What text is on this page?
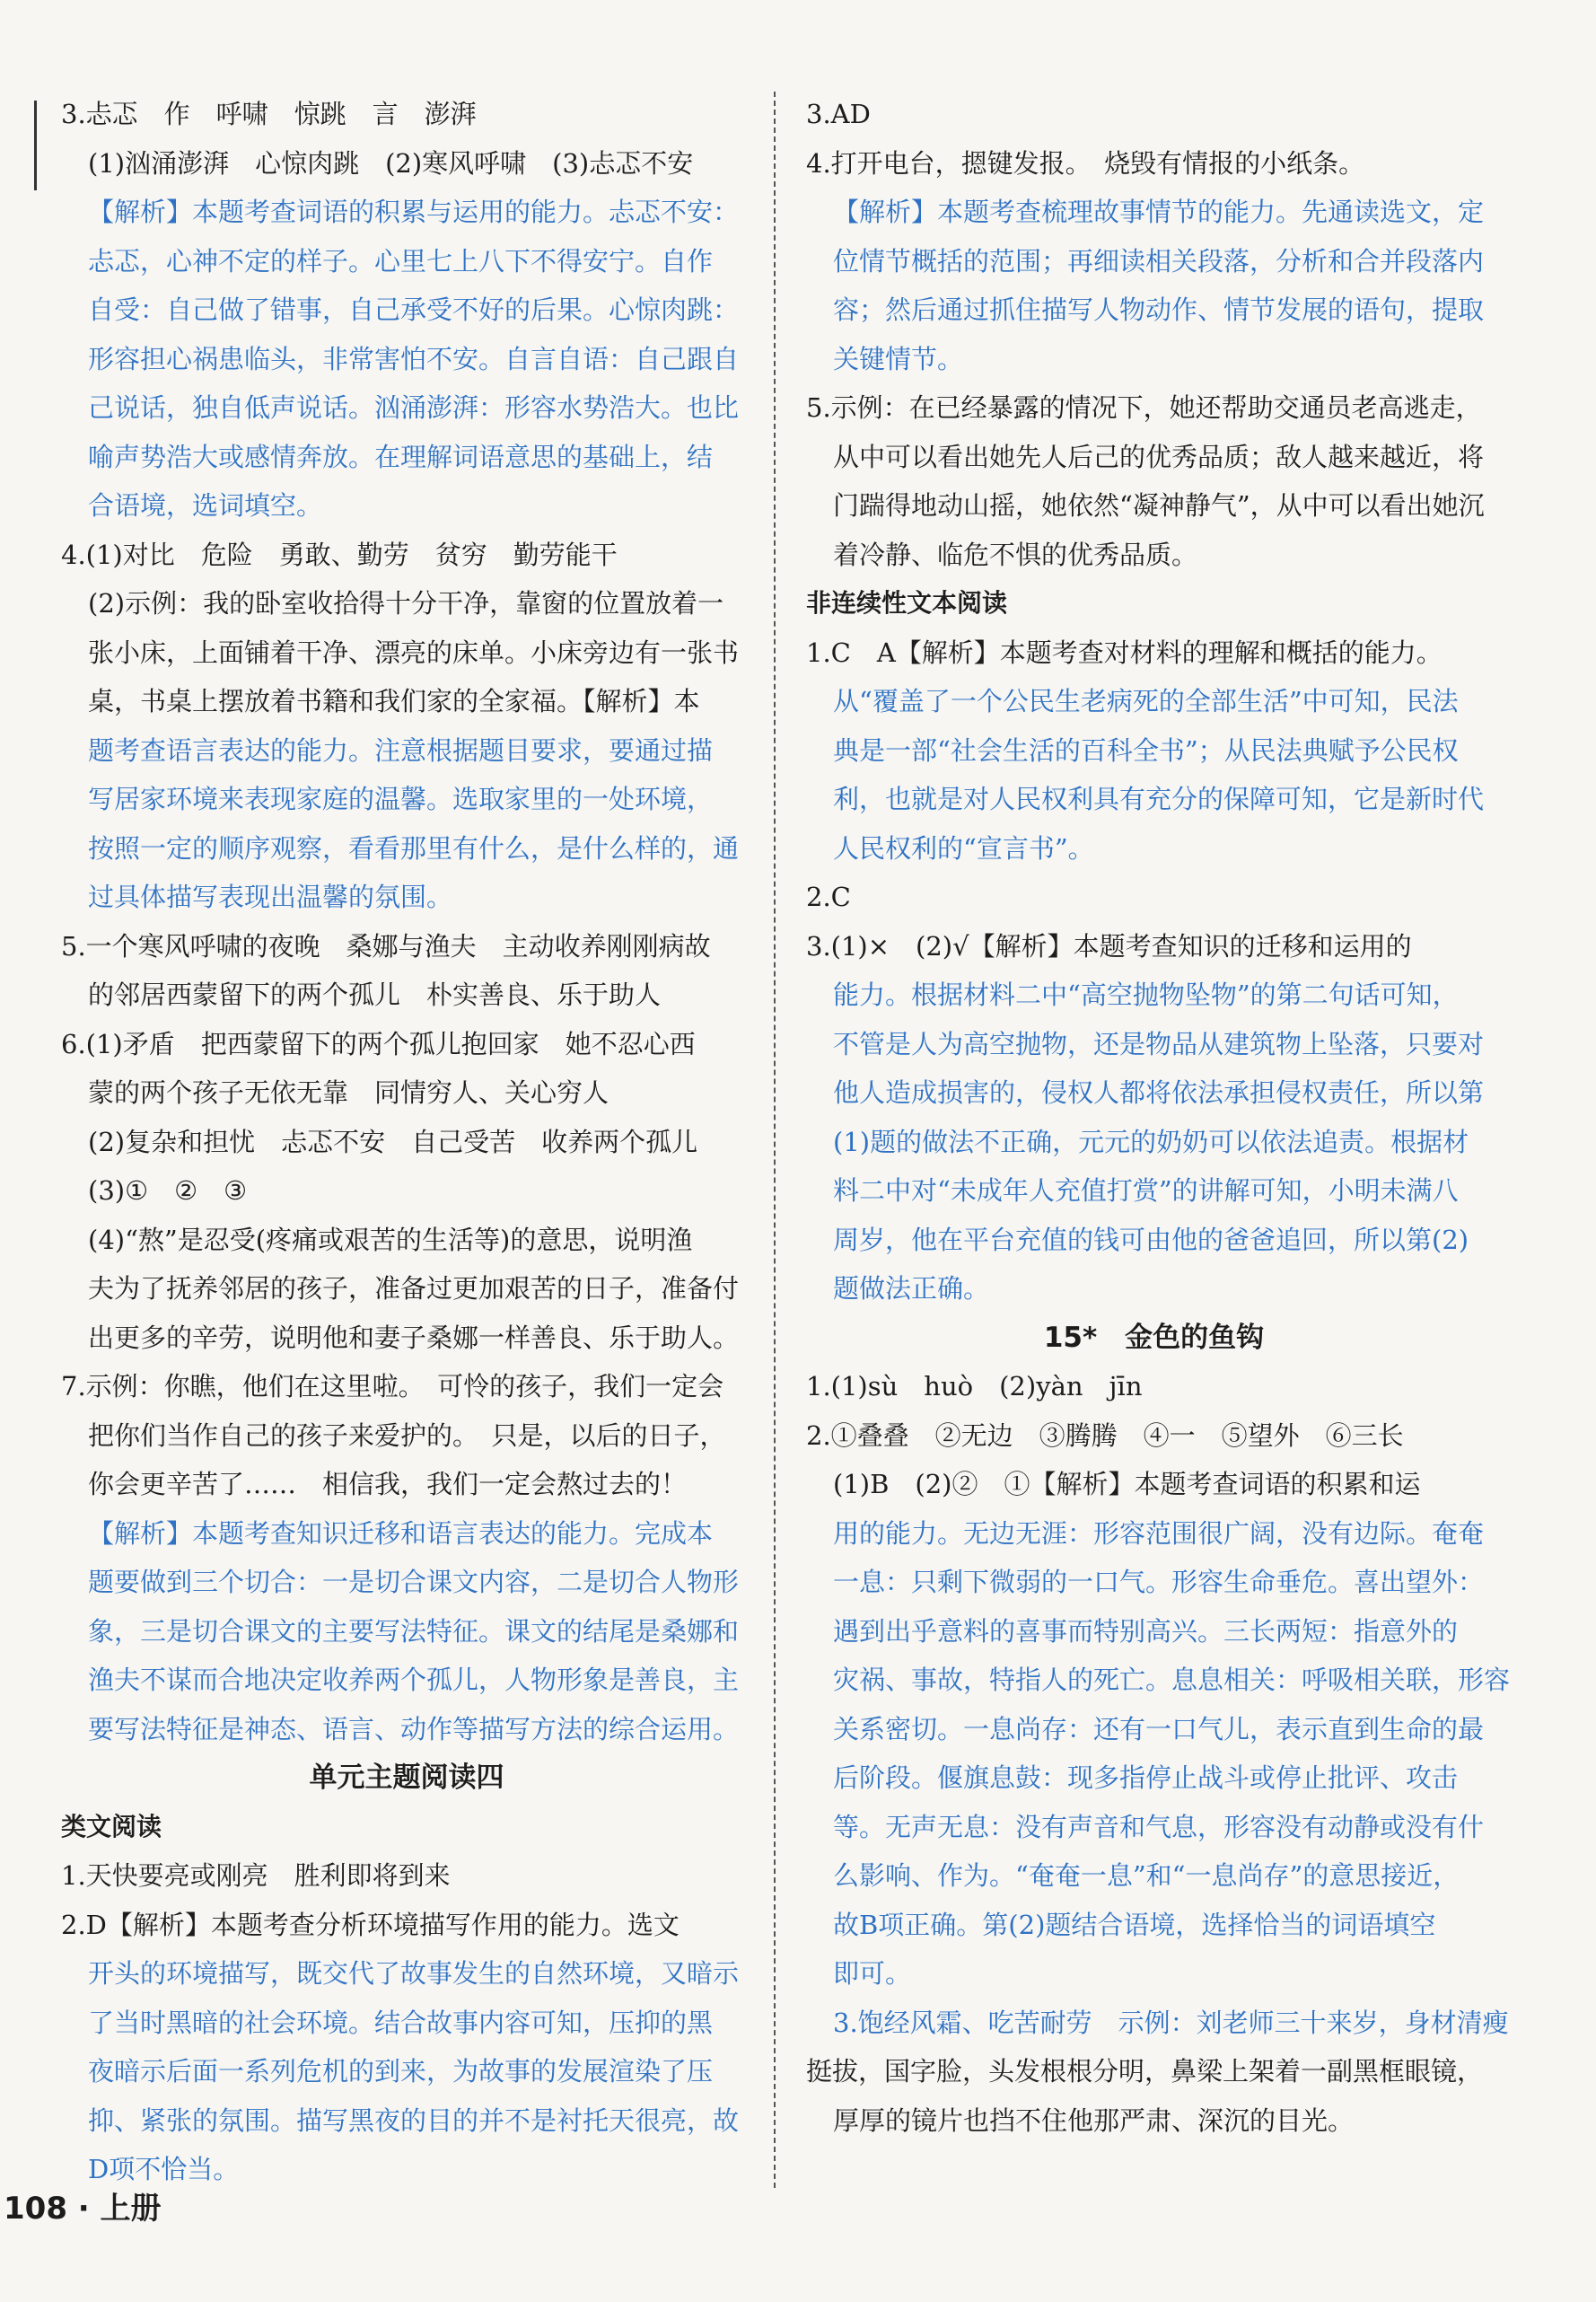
3.忐忑　作　呼啸　惊跳　言　澎湃

(1)汹涌澎湃　心惊肉跳　(2)寒风呼啸　(3)忐忑不安

【解析】本题考查词语的积累与运用的能力。忐忑不安：

忐忑，心神不定的样子。心里七上八下不得安宁。自作

自受：自己做了错事，自己承受不好的后果。心惊肉跳：

形容担心祸患临头，非常害怕不安。自言自语：自己跟自

己说话，独自低声说话。汹涌澎湃：形容水势浩大。也比

喻声势浩大或感情奔放。在理解词语意思的基础上，结

合语境，选词填空。

4.(1)对比　危险　勇敢、勤劳　贫穷　勤劳能干

(2)示例：我的卧室收拾得十分干净，靠窗的位置放着一

张小床，上面铺着干净、漂亮的床单。小床旁边有一张书

桌，书桌上摆放着书籍和我们家的全家福。【解析】本

题考查语言表达的能力。注意根据题目要求，要通过描

写居家环境来表现家庭的温馨。选取家里的一处环境，

按照一定的顺序观察，看看那里有什么，是什么样的，通

过具体描写表现出温馨的氛围。

5.一个寒风呼啸的夜晚　桑娜与渔夫　主动收养刚刚病故

的邻居西蒙留下的两个孤儿　朴实善良、乐于助人

6.(1)矛盾　把西蒙留下的两个孤儿抱回家　她不忍心西

蒙的两个孩子无依无靠　同情穷人、关心穷人

(2)复杂和担忧　忐忑不安　自己受苦　收养两个孤儿

(3)①　②　③

(4)“熬”是忍受(疼痛或艰苦的生活等)的意思，说明渔

夫为了抚养邻居的孩子，准备过更加艰苦的日子，准备付

出更多的辛劳，说明他和妻子桑娜一样善良、乐于助人。

7.示例：你瞧，他们在这里啦。　可怜的孩子，我们一定会

把你们当作自己的孩子来爱护的。　只是，以后的日子，

你会更辛苦了……　相信我，我们一定会熬过去的！

【解析】本题考查知识迁移和语言表达的能力。完成本

题要做到三个切合：一是切合课文内容，二是切合人物形

象，三是切合课文的主要写法特征。课文的结尾是桑娜和

渔夫不谋而合地决定收养两个孤儿，人物形象是善良，主

要写法特征是神态、语言、动作等描写方法的综合运用。

单元主题阅读四

类文阅读

1.天快要亮或刚亮　胜利即将到来

2.D【解析】本题考查分析环境描写作用的能力。选文

开头的环境描写，既交代了故事发生的自然环境，又暗示

了当时黑暗的社会环境。结合故事内容可知，压抑的黑

夜暗示后面一系列危机的到来，为故事的发展渲染了压

抑、紧张的氛围。描写黑夜的目的并不是衬托天很亮，故

D项不恰当。

3.AD

4.打开电台，摁键发报。　烧毁有情报的小纸条。

【解析】本题考查梳理故事情节的能力。先通读选文，定

位情节概括的范围；再细读相关段落，分析和合并段落内

容；然后通过抓住描写人物动作、情节发展的语句，提取

关键情节。

5.示例：在已经暴露的情况下，她还帮助交通员老高逃走，

从中可以看出她先人后己的优秀品质；敌人越来越近，将

门踹得地动山摇，她依然“凝神静气”，从中可以看出她沉

着冷静、临危不惧的优秀品质。

非连续性文本阅读

1.C　A【解析】本题考查对材料的理解和概括的能力。

从“覆盖了一个公民生老病死的全部生活”中可知，民法

典是一部“社会生活的百科全书”；从民法典赋予公民权

利，也就是对人民权利具有充分的保障可知，它是新时代

人民权利的“宣言书”。

2.C

3.(1)×　(2)√【解析】本题考查知识的迁移和运用的

能力。根据材料二中“高空抛物坠物”的第二句话可知，

不管是人为高空抛物，还是物品从建筑物上坠落，只要对

他人造成损害的，侵权人都将依法承担侵权责任，所以第

(1)题的做法不正确，元元的奶奶可以依法追责。根据材

料二中对“未成年人充值打赏”的讲解可知，小明未满八

周岁，他在平台充值的钱可由他的爸爸追回，所以第(2)

题做法正确。

15*　金色的鱼钩

1.(1)sù　huò　(2)yàn　jīn

2.①叠叠　②无边　③腾腾　④一　⑤望外　⑥三长

(1)B　(2)②　①【解析】本题考查词语的积累和运

用的能力。无边无涯：形容范围很广阔，没有边际。奄奄

一息：只剩下微弱的一口气。形容生命垂危。喜出望外：

遇到出乎意料的喜事而特别高兴。三长两短：指意外的

灾祸、事故，特指人的死亡。息息相关：呼吸相关联，形容

关系密切。一息尚存：还有一口气儿，表示直到生命的最

后阶段。偃旗息鼓：现多指停止战斗或停止批评、攻击

等。无声无息：没有声音和气息，形容没有动静或没有什

么影响、作为。“奄奄一息”和“一息尚存”的意思接近，

故B项正确。第(2)题结合语境，选择恰当的词语填空

即可。

3.饱经风霜、吃苦耐劳　示例：刘老师三十来岁，身材清瘦

挺拔，国字脸，头发根根分明，鼻梁上架着一副黑框眼镜，

厚厚的镜片也挡不住他那严肃、深沉的目光。

108 · 上册
